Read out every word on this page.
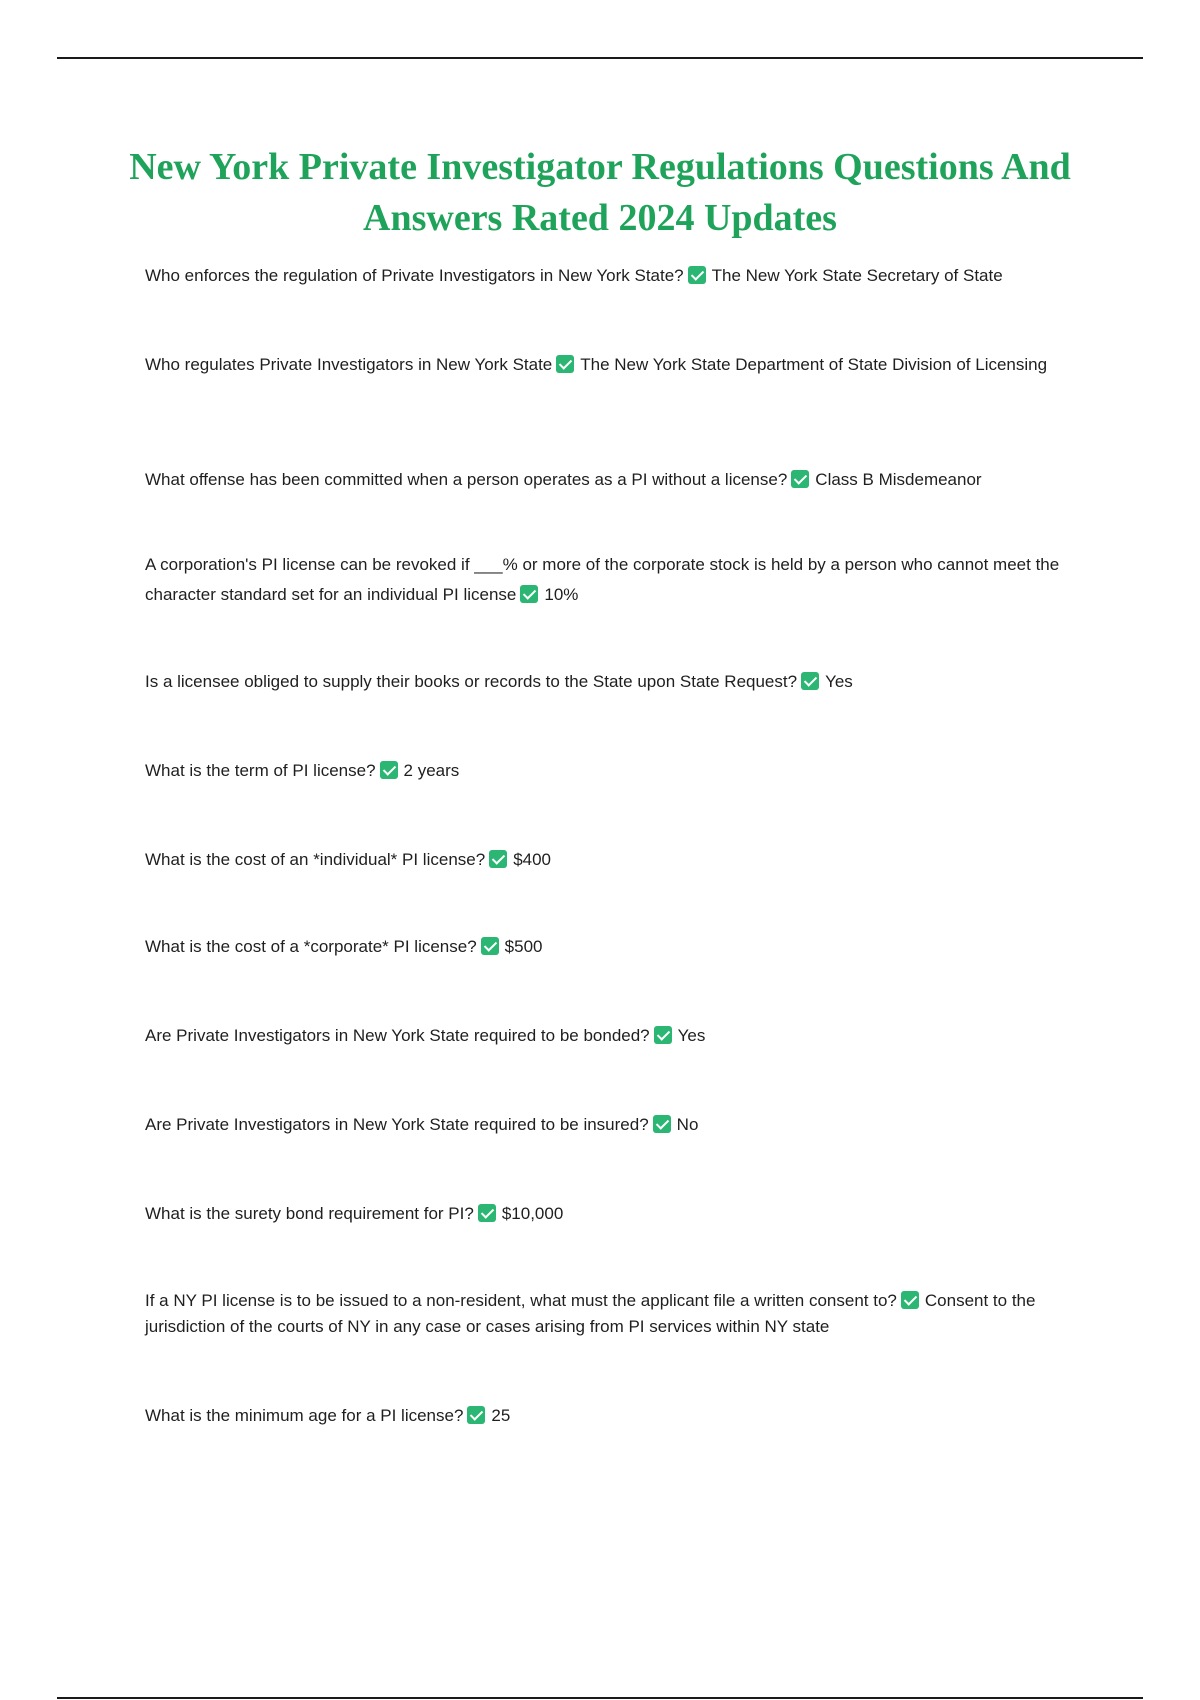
New York Private Investigator Regulations Questions And Answers Rated 2024 Updates

Who enforces the regulation of Private Investigators in New York State? The New York State Secretary of State

Who regulates Private Investigators in New York State The New York State Department of State Division of Licensing

What offense has been committed when a person operates as a PI without a license? Class B Misdemeanor

A corporation's PI license can be revoked if ___% or more of the corporate stock is held by a person who cannot meet the character standard set for an individual PI license 10%

Is a licensee obliged to supply their books or records to the State upon State Request? Yes

What is the term of PI license? 2 years

What is the cost of an *individual* PI license? $400

What is the cost of a *corporate* PI license? $500

Are Private Investigators in New York State required to be bonded? Yes

Are Private Investigators in New York State required to be insured? No

What is the surety bond requirement for PI? $10,000

If a NY PI license is to be issued to a non-resident, what must the applicant file a written consent to? Consent to the jurisdiction of the courts of NY in any case or cases arising from PI services within NY state

What is the minimum age for a PI license? 25
